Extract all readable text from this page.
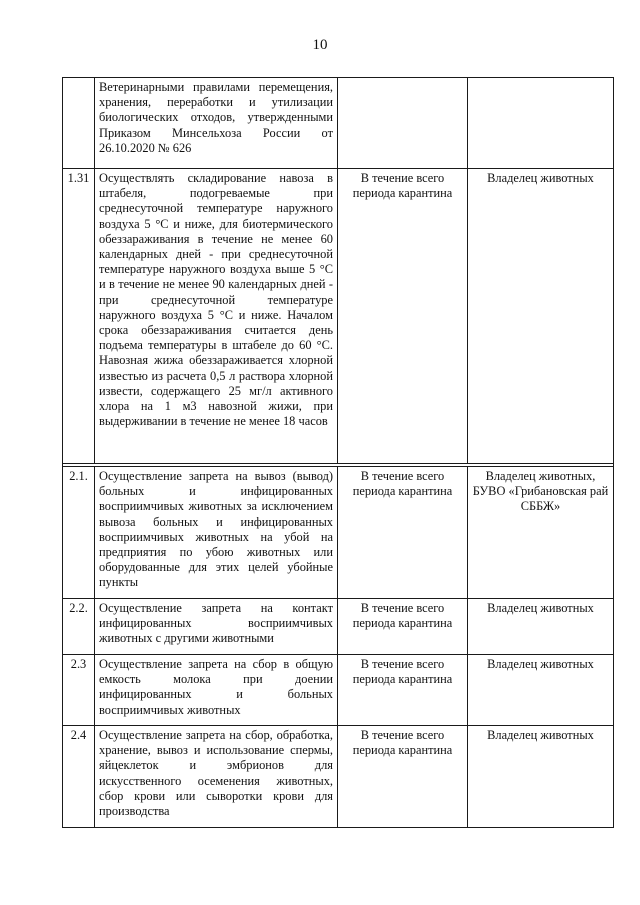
10
	Ветеринарными правилами перемещения, хранения, переработки и утилизации биологических отходов, утвержденными Приказом Минсельхоза России от 26.10.2020 № 626		
1.31	Осуществлять складирование навоза в штабеля, подогреваемые при среднесуточной температуре наружного воздуха 5 °С и ниже, для биотермического обеззараживания в течение не менее 60 календарных дней - при среднесуточной температуре наружного воздуха выше 5 °С и в течение не менее 90 календарных дней - при среднесуточной температуре наружного воздуха 5 °С и ниже. Началом срока обеззараживания считается день подъема температуры в штабеле до 60 °С. Навозная жижа обеззараживается хлорной известью из расчета 0,5 л раствора хлорной извести, содержащего 25 мг/л активного хлора на 1 м3 навозной жижи, при выдерживании в течение не менее 18 часов	В течение всего периода карантина	Владелец животных

2.1.	Осуществление запрета на вывоз (вывод) больных и инфицированных восприимчивых животных за исключением вывоза больных и инфицированных восприимчивых животных на убой на предприятия по убою животных или оборудованные для этих целей убойные пункты	В течение всего периода карантина	Владелец животных, БУВО «Грибановская рай СББЖ»
2.2.	Осуществление запрета на контакт инфицированных восприимчивых животных с другими животными	В течение всего периода карантина	Владелец животных
2.3	Осуществление запрета на сбор в общую емкость молока при доении инфицированных и больных восприимчивых животных	В течение всего периода карантина	Владелец животных
2.4	Осуществление запрета на сбор, обработка, хранение, вывоз и использование спермы, яйцеклеток и эмбрионов для искусственного осеменения животных, сбор крови или сыворотки крови для производства	В течение всего периода карантина	Владелец животных
